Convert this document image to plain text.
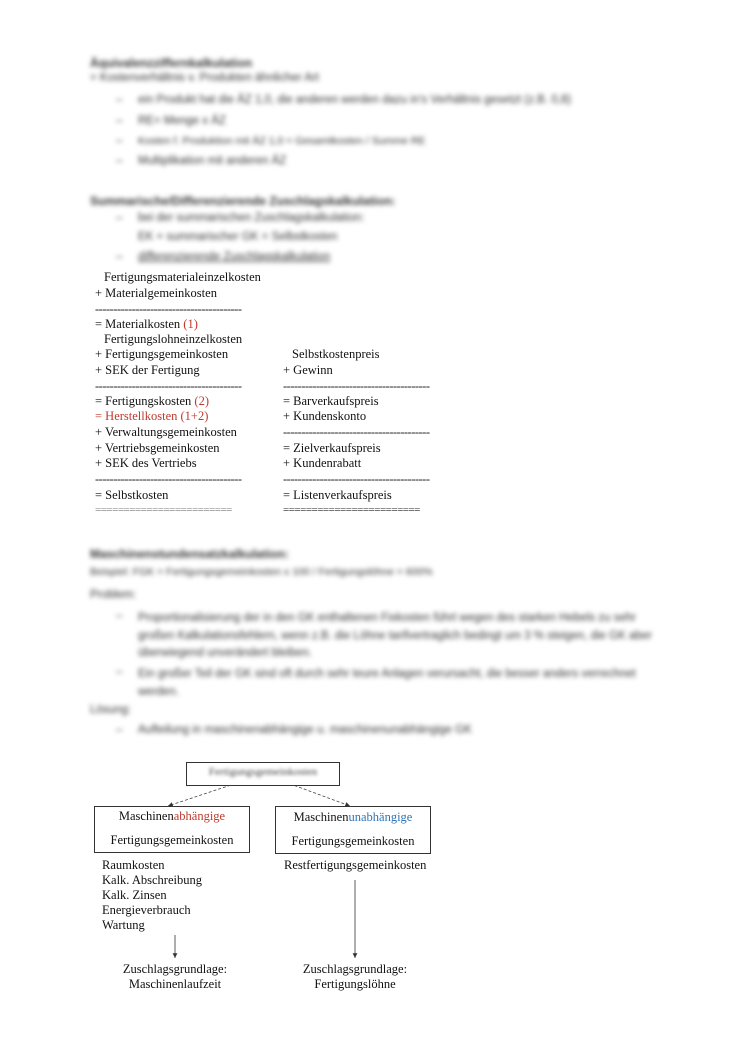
Äquivalenzziffernkalkulation
= Kostenverhältnis v. Produkten ähnlicher Art
– ein Produkt hat die ÄZ 1,0, die anderen werden dazu in's Verhältnis gesetzt (z.B. 0,8)
– RE= Menge x ÄZ
– Kosten f. Produktion mit ÄZ 1,0 = Gesamtkosten / Summe RE
– Multiplikation mit anderen ÄZ
Summarische/Differenzierende Zuschlagskalkulation:
– bei der summarischen Zuschlagskalkulation:
EK + summarischer GK = Selbstkosten
– differenzierende Zuschlagskalkulation
Fertigungsmaterialeinzelkosten
+ Materialgemeinkosten
----------------------------------------
= Materialkosten (1)
Fertigungslohneinzelkosten
+ Fertigungsgemeinkosten
+ SEK der Fertigung
----------------------------------------
= Fertigungskosten (2)
= Herstellkosten (1+2)
+ Verwaltungsgemeinkosten
+ Vertriebsgemeinkosten
+ SEK des Vertriebs
----------------------------------------
= Selbstkosten
========================
Selbstkostenpreis
+ Gewinn
----------------------------------------
= Barverkaufspreis
+ Kundenskonto
----------------------------------------
= Zielverkaufspreis
+ Kundenrabatt
----------------------------------------
= Listenverkaufspreis
========================
Maschinenstundensatzkalkulation:
Beispiel: FGK = Fertigungsgemeinkosten x 100 / Fertigungslöhne = 600%
Problem:
– Proportionalisierung der in den GK enthaltenen Fixkosten führt wegen des starken Hebels zu sehr großen Kalkulationsfehlern, wenn z.B. die Löhne tarifvertraglich bedingt um 3 % steigen, die GK aber überwiegend unverändert bleiben.
– Ein großer Teil der GK sind oft durch sehr teure Anlagen verursacht, die besser anders verrechnet werden.
Lösung:
– Aufteilung in maschinenabhängige u. maschinenunabhängige GK
Fertigungsgemeinkosten
Maschinenabhängige
Fertigungsgemeinkosten
Maschinenunabhängige
Fertigungsgemeinkosten
Raumkosten
Kalk. Abschreibung
Kalk. Zinsen
Energieverbrauch
Wartung
Restfertigungsgemeinkosten
Zuschlagsgrundlage:
Maschinenlaufzeit
Zuschlagsgrundlage:
Fertigungslöhne
